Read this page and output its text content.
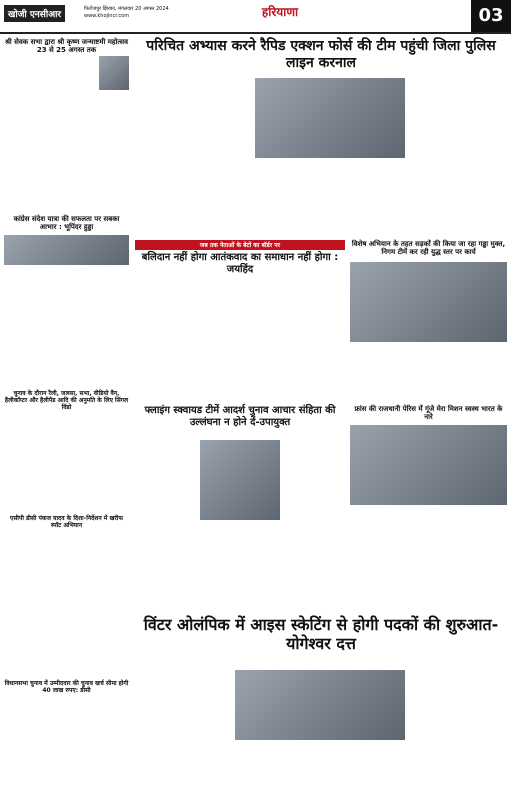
खोजी एनसीआर
फिरोजपुर झिरका, मंगलवार 20 अगस्त 2024
www.khojincr.com	हरियाणा	03
श्री सेवक सभा द्वारा श्री कृष्ण जन्माष्टमी महोत्सव 23 से 25 अगस्त तक
कांग्रेस संदेश यात्रा की सफलता पर सबका आभार : भूपिंदर हुड्डा
चुनाव के दौरान रैली, जलसा, सभा, वीडियो वैन, हैलीकॉप्टर और हैलीपैड आदि की अनुमति के लिए सिंगल विंडो
एसीपी डीसी पंकज यादव के दिशा-निर्देशन में खरीफ स्पॉट अभियान
विधानसभा चुनाव में उम्मीदवार की चुनाव खर्च सीमा होगी 40 लाख रुपए: डीसी
परिचित अभ्यास करने रैपिड एक्शन फोर्स की टीम पहुंची जिला पुलिस लाइन करनाल
जब तक नेताओं के बेटों का बॉर्डर पर
बलिदान नहीं होगा आतंकवाद का समाधान नहीं होगा : जयहिंद
विशेष अभियान के तहत सड़कों की किया जा रहा गड्ढा मुक्त, निगम टीमें कर रही युद्ध स्तर पर कार्य
फ्लाइंग स्क्वायड टीमें आदर्श चुनाव आचार संहिता की उल्लंघना न होने दें-उपायुक्त
फ्रांस की राजधानी पेरिस में गूंजे मेरा मिशन स्वस्थ भारत के नारे
विंटर ओलंपिक में आइस स्केटिंग से होगी पदकों की शुरुआत-योगेश्वर दत्त
